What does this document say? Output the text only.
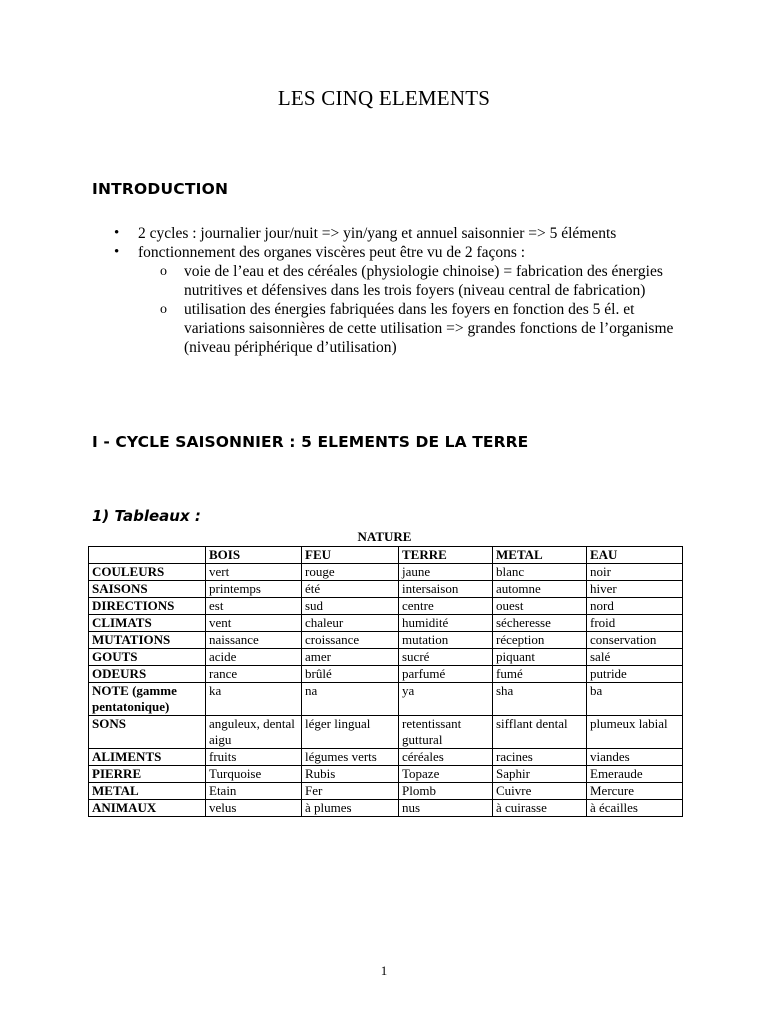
LES CINQ ELEMENTS
INTRODUCTION
• 2 cycles : journalier jour/nuit => yin/yang et annuel saisonnier => 5 éléments
• fonctionnement des organes viscères peut être vu de 2 façons :
o voie de l’eau et des céréales (physiologie chinoise) = fabrication des énergies nutritives et défensives dans les trois foyers (niveau central de fabrication)
o utilisation des énergies fabriquées dans les foyers en fonction des 5 él. et variations saisonnières de cette utilisation => grandes fonctions de l’organisme (niveau périphérique d’utilisation)
I - CYCLE SAISONNIER : 5 ELEMENTS DE LA TERRE
1) Tableaux :
NATURE
	BOIS	FEU	TERRE	METAL	EAU
COULEURS	vert	rouge	jaune	blanc	noir
SAISONS	printemps	été	intersaison	automne	hiver
DIRECTIONS	est	sud	centre	ouest	nord
CLIMATS	vent	chaleur	humidité	sécheresse	froid
MUTATIONS	naissance	croissance	mutation	réception	conservation
GOUTS	acide	amer	sucré	piquant	salé
ODEURS	rance	brûlé	parfumé	fumé	putride
NOTE (gamme pentatonique)	ka	na	ya	sha	ba
SONS	anguleux, dental aigu	léger lingual	retentissant guttural	sifflant dental	plumeux labial
ALIMENTS	fruits	légumes verts	céréales	racines	viandes
PIERRE	Turquoise	Rubis	Topaze	Saphir	Emeraude
METAL	Etain	Fer	Plomb	Cuivre	Mercure
ANIMAUX	velus	à plumes	nus	à cuirasse	à écailles
1
